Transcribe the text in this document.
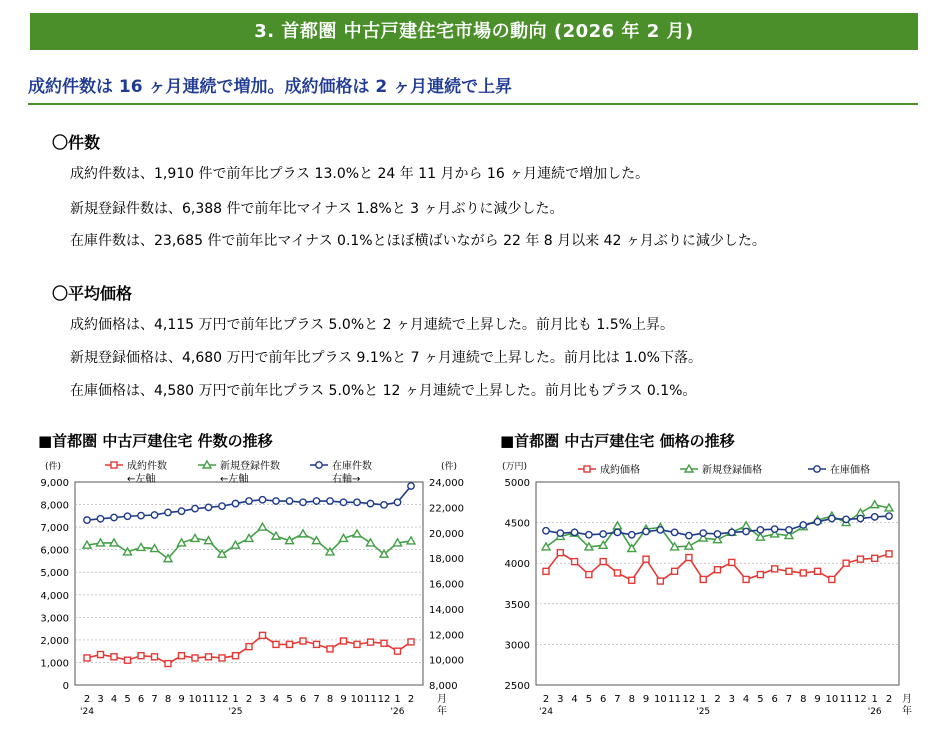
3. 首都圏 中古戸建住宅市場の動向 (2026 年 2 月)
成約件数は 16 ヶ月連続で増加。成約価格は 2 ヶ月連続で上昇
〇件数
成約件数は、1,910 件で前年比プラス 13.0%と 24 年 11 月から 16 ヶ月連続で増加した。
新規登録件数は、6,388 件で前年比マイナス 1.8%と 3 ヶ月ぶりに減少した。
在庫件数は、23,685 件で前年比マイナス 0.1%とほぼ横ばいながら 22 年 8 月以来 42 ヶ月ぶりに減少した。
〇平均価格
成約価格は、4,115 万円で前年比プラス 5.0%と 2 ヶ月連続で上昇した。前月比も 1.5%上昇。
新規登録価格は、4,680 万円で前年比プラス 9.1%と 7 ヶ月連続で上昇した。前月比は 1.0%下落。
在庫価格は、4,580 万円で前年比プラス 5.0%と 12 ヶ月連続で上昇した。前月比もプラス 0.1%。
■首都圏 中古戸建住宅 件数の推移	■首都圏 中古戸建住宅 価格の推移
0
1,000
2,000
3,000
4,000
5,000
6,000
7,000
8,000
9,000
8,000
10,000
12,000
14,000
16,000
18,000
20,000
22,000
24,000
(件)	(件)
2 3 4 5 6 7 8 9 10 11 12 1 2 3 4 5 6 7 8 9 10 11 12 1 2
'24	'25	'26
月
年
成約件数
←左軸
新規登録件数
←左軸
在庫件数
右軸→
2500
3000
3500
4000
4500
5000
(万円)
2 3 4 5 6 7 8 9 10 11 12 1 2 3 4 5 6 7 8 9 10 11 12 1 2
'24	'25	'26
月
年
成約価格	新規登録価格	在庫価格
